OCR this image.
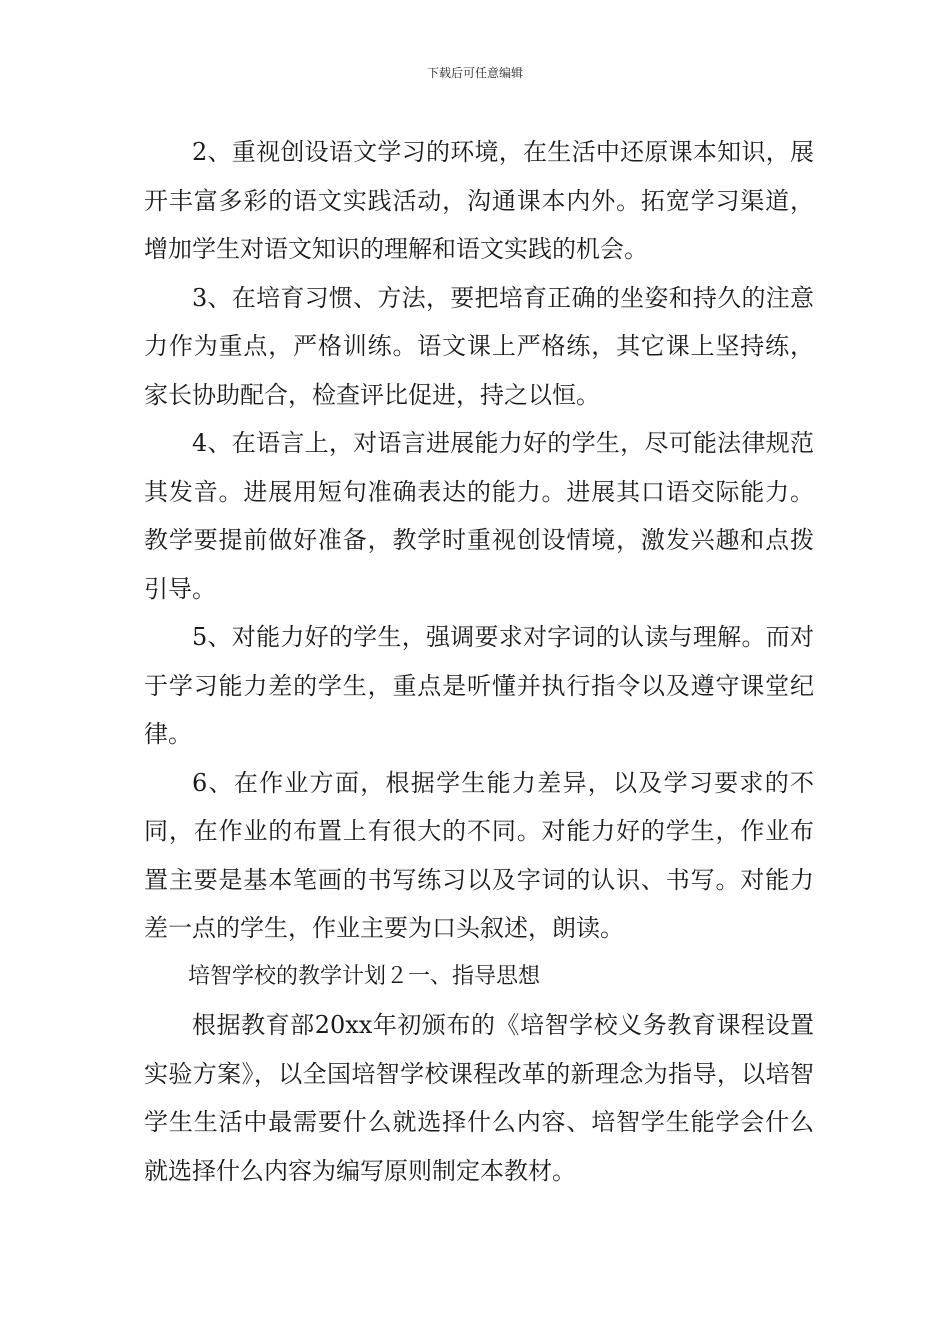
下载后可任意编辑

2、重视创设语文学习的环境，在生活中还原课本知识，展开丰富多彩的语文实践活动，沟通课本内外。拓宽学习渠道，增加学生对语文知识的理解和语文实践的机会。

3、在培育习惯、方法，要把培育正确的坐姿和持久的注意力作为重点，严格训练。语文课上严格练，其它课上坚持练，家长协助配合，检查评比促进，持之以恒。

4、在语言上，对语言进展能力好的学生，尽可能法律规范其发音。进展用短句准确表达的能力。进展其口语交际能力。教学要提前做好准备，教学时重视创设情境，激发兴趣和点拨引导。

5、对能力好的学生，强调要求对字词的认读与理解。而对于学习能力差的学生，重点是听懂并执行指令以及遵守课堂纪律。

6、在作业方面，根据学生能力差异，以及学习要求的不同，在作业的布置上有很大的不同。对能力好的学生，作业布置主要是基本笔画的书写练习以及字词的认识、书写。对能力差一点的学生，作业主要为口头叙述，朗读。

培智学校的教学计划２一、指导思想

根据教育部20xx年初颁布的《培智学校义务教育课程设置实验方案》，以全国培智学校课程改革的新理念为指导，以培智学生生活中最需要什么就选择什么内容、培智学生能学会什么就选择什么内容为编写原则制定本教材。
